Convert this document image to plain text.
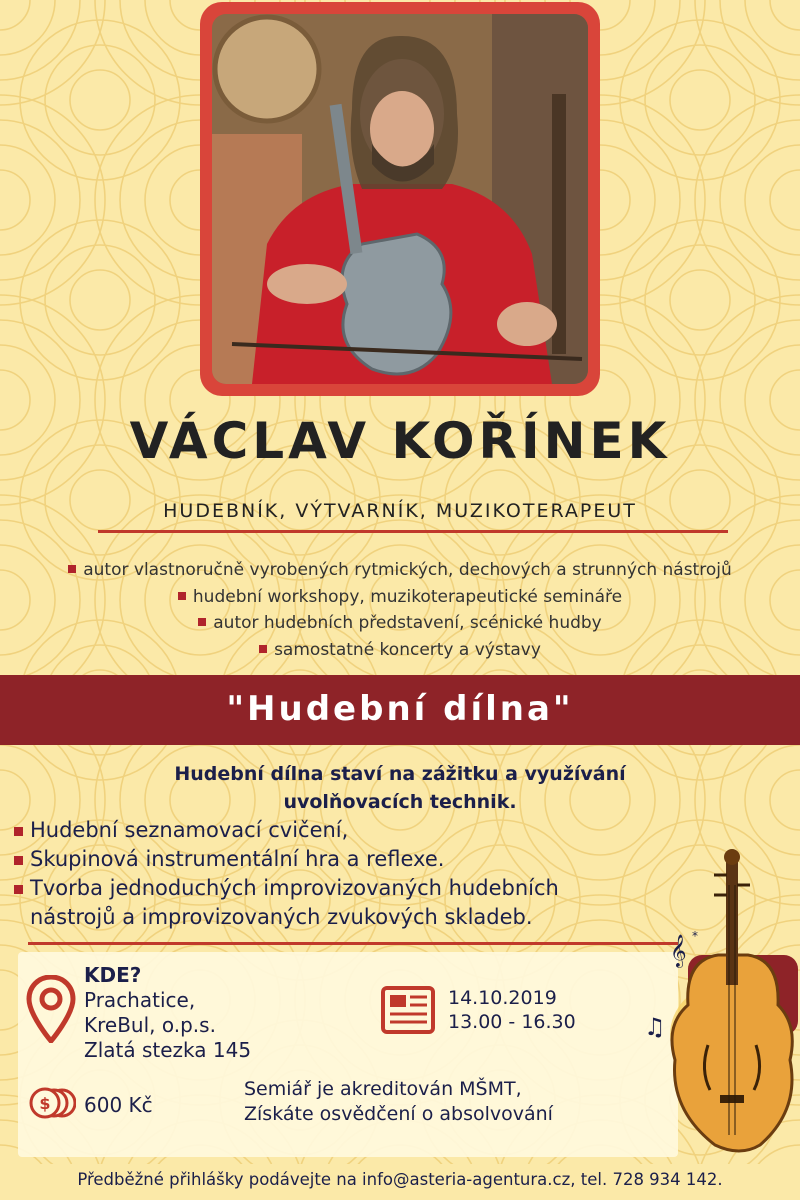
VÁCLAV KOŘÍNEK
HUDEBNÍK, VÝTVARNÍK, MUZIKOTERAPEUT
autor vlastnoručně vyrobených rytmických, dechových a strunných nástrojů
hudební workshopy, muzikoterapeutické semináře
autor hudebních představení, scénické hudby
samostatné koncerty a výstavy
"Hudební dílna"
Hudební dílna staví na zážitku a využívání
uvolňovacích technik.
Hudební seznamovací cvičení,
Skupinová instrumentální hra a reflexe.
Tvorba jednoduchých improvizovaných hudebních nástrojů a improvizovaných zvukových skladeb.
KDE?
Prachatice,
KreBul, o.p.s.
Zlatá stezka 145
14.10.2019
13.00 - 16.30
$ 600 Kč
Semiář je akreditován MŠMT,
Získáte osvědčení o absolvování
𝄞
♫
*
Předběžné přihlášky podávejte na info@asteria-agentura.cz, tel. 728 934 142.
